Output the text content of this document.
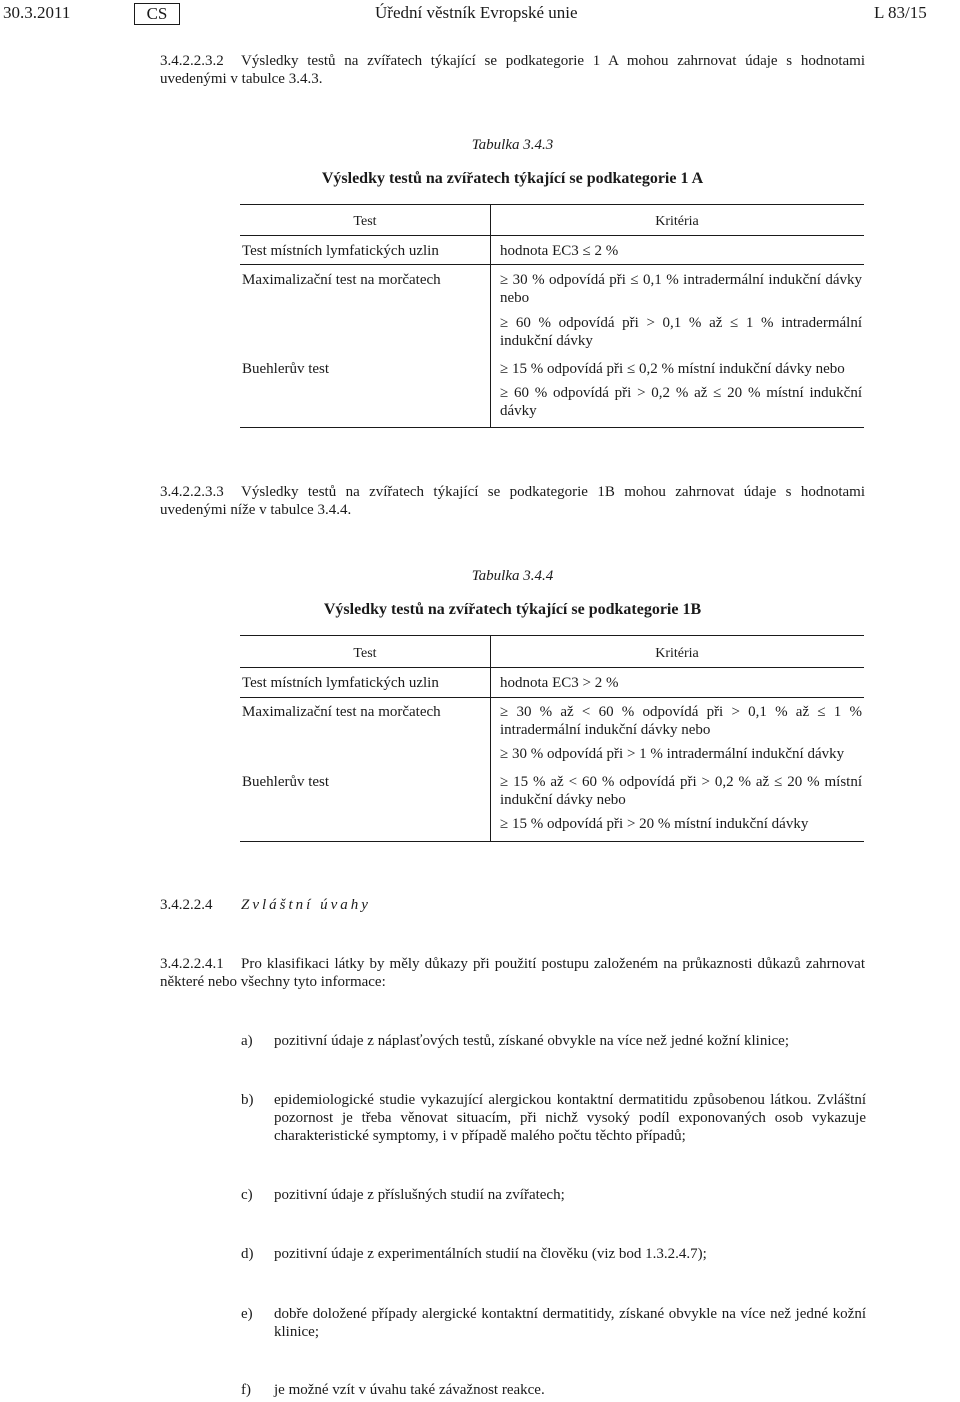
30.3.2011	CS	Úřední věstník Evropské unie	L 83/15
3.4.2.2.3.2	Výsledky testů na zvířatech týkající se podkategorie 1 A mohou zahrnovat údaje s hodnotami uvedenými v tabulce 3.4.3.
Tabulka 3.4.3
Výsledky testů na zvířatech týkající se podkategorie 1 A
Test	Kritéria
Test místních lymfatických uzlin	hodnota EC3 ≤ 2 %
Maximalizační test na morčatech	≥ 30 % odpovídá při ≤ 0,1 % intradermální indukční dávky nebo
≥ 60 % odpovídá při > 0,1 % až ≤ 1 % intradermální indukční dávky
Buehlerův test	≥ 15 % odpovídá při ≤ 0,2 % místní indukční dávky nebo
≥ 60 % odpovídá při > 0,2 % až ≤ 20 % místní indukční dávky
3.4.2.2.3.3	Výsledky testů na zvířatech týkající se podkategorie 1B mohou zahrnovat údaje s hodnotami uvedenými níže v tabulce 3.4.4.
Tabulka 3.4.4
Výsledky testů na zvířatech týkající se podkategorie 1B
Test	Kritéria
Test místních lymfatických uzlin	hodnota EC3 > 2 %
Maximalizační test na morčatech	≥ 30 % až < 60 % odpovídá při > 0,1 % až ≤ 1 % intradermální indukční dávky nebo
≥ 30 % odpovídá při > 1 % intradermální indukční dávky
Buehlerův test	≥ 15 % až < 60 % odpovídá při > 0,2 % až ≤ 20 % místní indukční dávky nebo
≥ 15 % odpovídá při > 20 % místní indukční dávky
3.4.2.2.4 Zvláštní úvahy
3.4.2.2.4.1	Pro klasifikaci látky by měly důkazy při použití postupu založeném na průkaznosti důkazů zahrnovat některé nebo všechny tyto informace:
a) pozitivní údaje z náplasťových testů, získané obvykle na více než jedné kožní klinice;
b) epidemiologické studie vykazující alergickou kontaktní dermatitidu způsobenou látkou. Zvláštní pozornost je třeba věnovat situacím, při nichž vysoký podíl exponovaných osob vykazuje charakteristické symptomy, i v případě malého počtu těchto případů;
c) pozitivní údaje z příslušných studií na zvířatech;
d) pozitivní údaje z experimentálních studií na člověku (viz bod 1.3.2.4.7);
e) dobře doložené případy alergické kontaktní dermatitidy, získané obvykle na více než jedné kožní klinice;
f) je možné vzít v úvahu také závažnost reakce.
